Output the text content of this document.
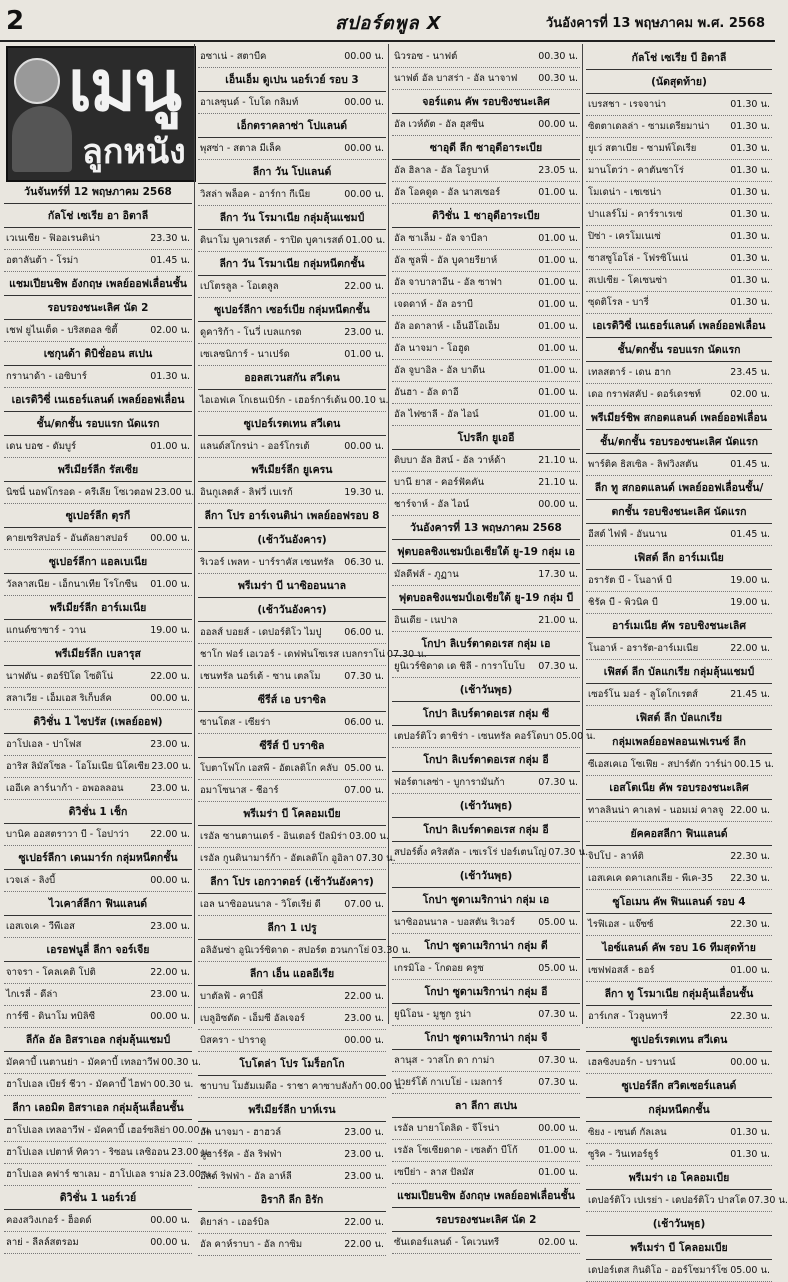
2	สปอร์ตพูล X	วันอังคารที่ 13 พฤษภาคม พ.ศ. 2568
เมนู
ลูกหนัง
วันจันทร์ที่ 12 พฤษภาคม 2568
กัลโช่ เซเรีย อา อิตาลี
เวเนเซีย - ฟิออเรนติน่า	23.30 น.
อตาลันต้า - โรม่า	01.45 น.
แชมเปียนชิพ อังกฤษ เพลย์ออฟเลื่อนชั้น
รอบรองชนะเลิศ นัด 2
เชฟ ยูไนเต็ด - บริสตอล ซิตี้	02.00 น.
เซกุนด้า ดิบิชั่ออน สเปน
กรานาด้า - เอซิบาร์	01.30 น.
เอเรดิวิซี่ เนเธอร์แลนด์ เพลย์ออฟเลื่อน
ชั้น/ตกชั้น รอบแรก นัดแรก
เดน บอช - ดัมบูร์	01.00 น.
พรีเมียร์ลีก รัสเซีย
นิซนี่ นอฟโกรอด - ครีเลีย โซเวตอฟ 23.00 น.
ซูเปอร์ลีก ตุรกี
คายเซริสปอร์ - อันตัลยาสปอร์ 00.00 น.
ซูเปอร์ลีกา แอลเบเนีย
วัลลาสเนีย - เอ็กนาเทีย โรโกซีน 01.00 น.
พรีเมียร์ลีก อาร์เมเนีย
แกนด์ซาซาร์ - วาน	19.00 น.
พรีเมียร์ลีก เบลารุส
นาฟตัน - ตอร์ปิโด โซดิโน่	22.00 น.
สลาเวีย - เอ็มเอส ริเก็บส์ค	00.00 น.
ดิวิชั่น 1 ไซปรัส (เพลย์ออฟ)
อาโปเอล - ปาโฟส	23.00 น.
อาริส ลิมัสโซล - โอโมเนีย นิโคเซีย 23.00 น.
เออีเค ลาร์นาก้า - อพอลลอน	23.00 น.
ดิวิชั่น 1 เช็ก
บานิค ออสตราวา บี - โอปาว่า 22.00 น.
ซูเปอร์ลีกา เดนมาร์ก กลุ่มหนีตกชั้น
เวจเล่ - ลิงบี้	00.00 น.
ไวเคาส์ลีกา ฟินแลนด์
เอสเจเค - วีพีเอส	23.00 น.
เอรอฟนูลี่ ลีกา จอร์เจีย
จาจรา - โคลเคติ โปติ	22.00 น.
ไกเรลี่ - ดีล่า	23.00 น.
การ์ซี - ดินาโม ทบิลิซี	00.00 น.
ลีกัล อัล อิสราเอล กลุ่มลุ้นแชมป์
มัคคาบี้ เนตานย่า - มัคคาบี้ เทลอาวีฟ 00.30 น.
ฮาโปเอล เบียร์ ชีวา - มัคคาบี้ ไฮฟา 00.30 น.
ลีกา เลอมิต อิสราเอล กลุ่มลุ้นเลื่อนชั้น
ฮาโปเอล เทลอาวีฟ - มัคคาบี้ เฮอร์ซลิย่า 00.00 น.
ฮาโปเอล เปตาห์ ทิควา - ริซอน เลซิออน 23.00 น.
ฮาโปเอล คฟาร์ ซาเลม - ฮาโปเอล ราม่ล 23.00 น.
ดิวิชั่น 1 นอร์เวย์
คองสวิงเกอร์ - ฮ็อดด์	00.00 น.
ลาย่ - ลีลล์สตรอม	00.00 น.
อซาเน่ - สตาบีค	00.00 น.
เอ็นเอ็ม ดูเปน นอร์เวย์ รอบ 3
อาเลซุนด์ - โบโด กลิมท์	00.00 น.
เอ็กตราคลาซ่า โปแลนด์
พุสซ่า - สตาล มีเล็ค	00.00 น.
ลีกา วัน โปแลนด์
วิสล่า พล็อค - อาร์กา กีเนีย	00.00 น.
ลีกา วัน โรมาเนีย กลุ่มลุ้นแชมป์
ดินาโม บูคาเรสต์ - ราปิด บูคาเรสต์ 01.00 น.
ลีกา วัน โรมาเนีย กลุ่มหนีตกชั้น
เปโตรลูล - โอเตลูล	22.00 น.
ซูเปอร์ลีกา เซอร์เบีย กลุ่มหนีตกชั้น
ดูคาริก้า - โนวี่ เบลแกรด	23.00 น.
เซเลซนิการ์ - นาเปร์ด	01.00 น.
ออลสเวนสกัน สวีเดน
ไอเอฟเค โกเธนเบิร์ก - เฮอร์การ์เด้น 00.10 น.
ซูเปอร์เรตเทน สวีเดน
แลนด์สโกรน่า - ออร์โกรเต้	00.00 น.
พรีเมียร์ลีก ยูเครน
อินกูเลตส์ - ลิฟวี่ เบเรก้	19.30 น.
ลีกา โปร อาร์เจนติน่า เพลย์ออฟรอบ 8
(เช้าวันอังคาร)
ริเวอร์ เพลท - บาร์ราคัส เซนทรัล 06.30 น.
พรีเมร่า บี นาซิออนนาล
(เช้าวันอังคาร)
ออลส์ บอยส์ - เดปอร์ติโว ไมปู 06.00 น.
ชาโก ฟอร์ เอเวอร์ - เดฟฟ่นโซเรส เบลกราโน่ 07.30 น.
เชนทรัล นอร์เต้ - ซาน เตลโม	07.30 น.
ซีรีส์ เอ บราซิล
ซานโตส - เซียร่า	06.00 น.
ซีรีส์ บี บราซิล
โบตาโฟโก เอสพี - อัตเลติโก คลับ 05.00 น.
อมาโซนาส - ชีอาร์	07.00 น.
พรีเมร่า บี โคลอมเบีย
เรอัล ซานตานเดร์ - อินเตอร์ ปัลมิร่า 03.00 น.
เรอัล กูนดินามาร์ก้า - อัตเลติโก อูอิลา 07.30 น.
ลีกา โปร เอกวาดอร์ (เช้าวันอังคาร)
เอล นาซิออนนาล - วิโตเรีย่ ดี 07.00 น.
ลีกา 1 เปรู
อลิอันซ่า อูนิเวร์ซิดาด - สปอร์ต ฮวนกาโย่ 03.30 น.
ลีกา เอ็น แอลอีเรีย
บาตัลฟ้ - คาบีลี่	22.00 น.
เบลูอิซดัด - เอ็มซี อัลเจอร์	23.00 น.
บิสครา - ปาราดู	00.00 น.
โบโตล่า โปร โมร็อกโก
ชาบาบ โมฮัมเมดีอ - ราชา คาซาบลังก้า 00.00 น.
พรีเมียร์ลีก บาห์เรน
อัล นาจมา - ฮาฮวล์	23.00 น.
มูฮาร์รัค - อัล ริฟฟ่า	23.00 น.
อีสต์ ริฟฟ่า - อัล อาห์ลี	23.00 น.
อิรากิ ลีก อิรัก
ดิยาล่า - เออร์บิล	22.00 น.
อัล คาห์ราบา - อัล กาซิม	22.00 น.
นิวรอซ - นาฟต์	00.30 น.
นาฟต์ อัล บาสร่า - อัล นาจาฟ 00.30 น.
จอร์แดน คัพ รอบชิงชนะเลิศ
อัล เวห์ดัต - อัล ฮุสซีน	00.00 น.
ซาอุดี ลีก ซาอุดีอาระเบีย
อัล ฮิลาล - อัล โอรูบาห์	23.05 น.
อัล โอคดูด - อัล นาสเซอร์	01.00 น.
ดิวิชั่น 1 ซาอุดีอาระเบีย
อัล ซาเล็ม - อัล จาบีลา	01.00 น.
อัล ซูลฟี่ - อัล บูคายรียาห์	01.00 น.
อัล จาบาลาอีน - อัล ซาฟา	01.00 น.
เจดดาห์ - อัล อราบี	01.00 น.
อัล อดาลาห์ - เอ็นอีโอเอ็ม	01.00 น.
อัล นาจมา - โอฮูด	01.00 น.
อัล จูบาอิล - อัล บาดีน	01.00 น.
อันฮา - อัล ดาอี	01.00 น.
อัล ไฟซาลี - อัล ไอน์	01.00 น.
โปรลีก ยูเออี
ดิบบา อัล ฮิสน์ - อัล วาห์ด้า	21.10 น.
บานี ยาส - คอร์ฟัคคัน	21.10 น.
ชาร์จาห์ - อัล ไอน์	00.00 น.
วันอังคารที่ 13 พฤษภาคม 2568
ฟุตบอลชิงแชมป์เอเชียใต้ ยู-19 กลุ่ม เอ
มัลดีฟส์ - ภูฏาน	17.30 น.
ฟุตบอลชิงแชมป์เอเชียใต้ ยู-19 กลุ่ม บี
อินเดีย - เนปาล	21.00 น.
โกปา ลิเบร์ตาดอเรส กลุ่ม เอ
ยูนิเวร์ซิดาด เด ชิลี - การาโบโบ 07.30 น.
(เช้าวันพุธ)
โกปา ลิเบร์ตาดอเรส กลุ่ม ซี
เตปอร์ติโว ตาชิร่า - เซนทรัล คอร์โดบา 05.00 น.
โกปา ลิเบร์ตาดอเรส กลุ่ม อี
ฟอร์ตาเลซ่า - บูการามันก้า	07.30 น.
(เช้าวันพุธ)
โกปา ลิเบร์ตาดอเรส กลุ่ม อี
สปอร์ติ้ง คริสตัล - เซเรโร่ ปอร์เตนโญ่ 07.30 น.
(เช้าวันพุธ)
โกปา ซูดาเมริกาน่า กลุ่ม เอ
นาซิออนนาล - บอสตัน ริเวอร์ 05.00 น.
โกปา ซูดาเมริกาน่า กลุ่ม ดี
เกรมิโอ - โกดอย ครูซ	05.00 น.
โกปา ซูดาเมริกาน่า กลุ่ม อี
ยูนิโอน - มูชูก รูน่า	07.30 น.
โกปา ซูดาเมริกาน่า กลุ่ม จี
ลานุส - วาสโก ดา กาม่า	07.30 น.
ปวยร์โต้ กาเบโย่ - เมลการ์	07.30 น.
ลา ลีกา สเปน
เรอัล บายาโดลิด - จีโรน่า	00.00 น.
เรอัล โซเซียดาด - เซลต้า บีโก้ 01.00 น.
เซบีย่า - ลาส ปัลมัส	01.00 น.
แชมเปียนชิพ อังกฤษ เพลย์ออฟเลื่อนชั้น
รอบรองชนะเลิศ นัด 2
ซันเดอร์แลนด์ - โคเวนทรี	02.00 น.
กัลโช่ เซเรีย บี อิตาลี
(นัดสุดท้าย)
เบรสชา - เรจจาน่า	01.30 น.
ซิตตาเดลล่า - ซามเดรียมาน่า 01.30 น.
ยูเว่ สตาเบีย - ซามพ์โดเรีย	01.30 น.
มานโตว่า - คาตันซาโร่	01.30 น.
โมเดน่า - เชเซน่า	01.30 น.
ปาแลร์โม่ - คาร์ราเรเซ่	01.30 น.
ปิซ่า - เครโมเนเซ่	01.30 น.
ซาสซูโอโล่ - โฟรซิโนเน่	01.30 น.
สเปเซีย - โคเซนซ่า	01.30 น.
ซุดติโรล - บารี่	01.30 น.
เอเรดิวิซี่ เนเธอร์แลนด์ เพลย์ออฟเลื่อน
ชั้น/ตกชั้น รอบแรก นัดแรก
เทลสตาร์ - เดน ฮาก	23.45 น.
เดอ กราฟสคัป - ดอร์เดรชท์	02.00 น.
พรีเมียร์ชิพ สกอตแลนด์ เพลย์ออฟเลื่อน
ชั้น/ตกชั้น รอบรองชนะเลิศ นัดแรก
พาร์ติค ธิสเซิล - ลิฟวิงสตัน	01.45 น.
ลีก ทู สกอตแลนด์ เพลย์ออฟเลื่อนชั้น/
ตกชั้น รอบชิงชนะเลิศ นัดแรก
อีสต์ ไฟฟ์ - อันนาน	01.45 น.
เฟิสต์ ลีก อาร์เมเนีย
อรารัต บี - โนอาห์ บี	19.00 น.
ชิรัค บี - พิวนิค บี	19.00 น.
อาร์เมเนีย คัพ รอบชิงชนะเลิศ
โนอาห์ - อรารัต-อาร์เมเนีย	22.00 น.
เฟิสต์ ลีก บัลแกเรีย กลุ่มลุ้นแชมป์
เซอร์โน มอร์ - ลูโดโกเรตส์	21.45 น.
เฟิสต์ ลีก บัลแกเรีย
กลุ่มเพลย์ออฟลอนเฟเรนซ์ ลีก
ซีเอสเคเอ โซเฟีย - สปาร์ตัก วาร์น่า 00.15 น.
เอสโตเนีย คัพ รอบรองชนะเลิศ
ทาลลินน่า คาเลฟ - นอมเม่ คาลจู 22.00 น.
ยัคคอสลีกา ฟินแลนด์
จิปโป - ลาห์ติ	22.30 น.
เอสเคเค ดคาเลกเลีย - พีเค-35 22.30 น.
ซูโอเมน คัพ ฟินแลนด์ รอบ 4
ไรฟิเอส - แจ๊ซซ์	22.30 น.
ไอซ์แลนด์ คัพ รอบ 16 ทีมสุดท้าย
เซฟฟอสส์ - ธอร์	01.00 น.
ลีกา ทู โรมาเนีย กลุ่มลุ้นเลื่อนชั้น
อาร์เกส - โวลูนทารี่	22.30 น.
ซูเปอร์เรตเทน สวีเดน
เฮลซิงบอร์ก - บรานน์	00.00 น.
ซูเปอร์ลีก สวิตเซอร์แลนด์
กลุ่มหนีตกชั้น
ซิยง - เซนต์ กัลเลน	01.30 น.
ซูริค - วินเทอร์ธูร์	01.30 น.
พรีเมร่า เอ โคลอมเบีย
เดปอร์ติโว เปเรย่า - เดปอร์ติโว ปาสโต 07.30 น.
(เช้าวันพุธ)
พรีเมร่า บี โคลอมเบีย
เดปอร์เตส กินดิโอ - ออร์โซมาร์โซ 05.00 น.
